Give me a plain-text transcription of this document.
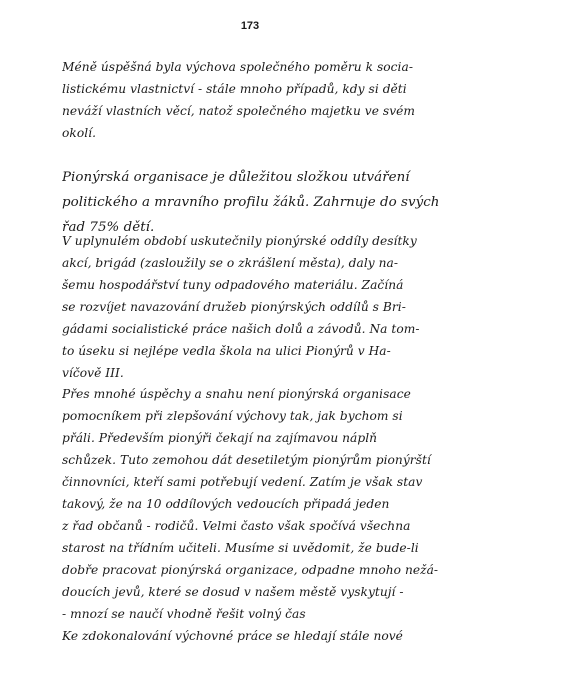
173
Méně úspěšná byla výchova společného poměru k socia-
listickému vlastnictví - stále mnoho případů, kdy si děti
neváží vlastních věcí, natož společného majetku ve svém
okolí.
Pionýrská organisace je důležitou složkou utváření
politického a mravního profilu žáků. Zahrnuje do svých
řad 75% dětí.
V uplynulém období uskutečnily pionýrské oddíly desítky
akcí, brigád (zasloužily se o zkrášlení města), daly na-
šemu hospodářství tuny odpadového materiálu. Začíná
se rozvíjet navazování družeb pionýrských oddílů s Bri-
gádami socialistické práce našich dolů a závodů. Na tom-
to úseku si nejlépe vedla škola na ulici Pionýrů v Ha-
víčově III.
Přes mnohé úspěchy a snahu není pionýrská organisace
pomocníkem při zlepšování výchovy tak, jak bychom si
přáli. Především pionýři čekají na zajímavou náplň
schůzek. Tuto zemohou dát desetiletým pionýrům pionýrští
činnovníci, kteří sami potřebují vedení. Zatím je však stav
takový, že na 10 oddílových vedoucích připadá jeden
z řad občanů - rodičů. Velmi často však spočívá všechna
starost na třídním učiteli. Musíme si uvědomit, že bude-li
dobře pracovat pionýrská organizace, odpadne mnoho nežá-
doucích jevů, které se dosud v našem městě vyskytují -
- mnozí se naučí vhodně řešit volný čas
Ke zdokonalování výchovné práce se hledají stále nové
